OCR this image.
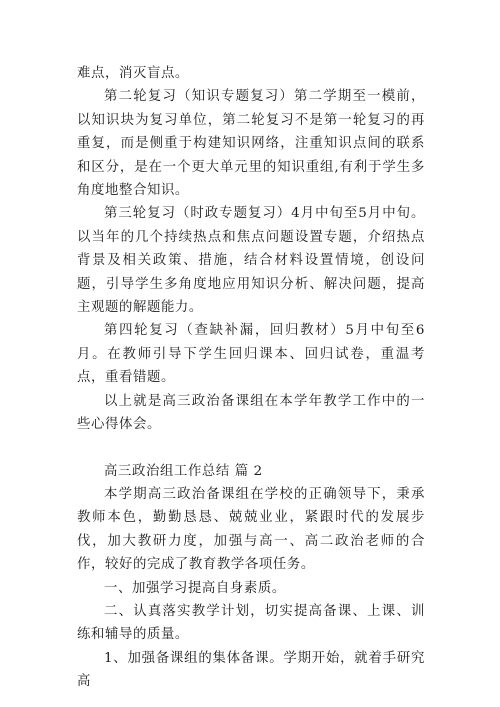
难点，消灭盲点。

第二轮复习（知识专题复习）第二学期至一模前，以知识块为复习单位，第二轮复习不是第一轮复习的再重复，而是侧重于构建知识网络，注重知识点间的联系和区分，是在一个更大单元里的知识重组,有利于学生多角度地整合知识。

第三轮复习（时政专题复习）4月中旬至5月中旬。以当年的几个持续热点和焦点问题设置专题，介绍热点背景及相关政策、措施，结合材料设置情境，创设问题，引导学生多角度地应用知识分析、解决问题，提高主观题的解题能力。

第四轮复习（查缺补漏，回归教材）5月中旬至6月。在教师引导下学生回归课本、回归试卷，重温考点，重看错题。

以上就是高三政治备课组在本学年教学工作中的一些心得体会。

高三政治组工作总结 篇 2

本学期高三政治备课组在学校的正确领导下，秉承教师本色，勤勤恳恳、兢兢业业，紧跟时代的发展步伐，加大教研力度，加强与高一、高二政治老师的合作，较好的完成了教育教学各项任务。

一、加强学习提高自身素质。

二、认真落实教学计划，切实提高备课、上课、训练和辅导的质量。

1、加强备课组的集体备课。学期开始，就着手研究高
